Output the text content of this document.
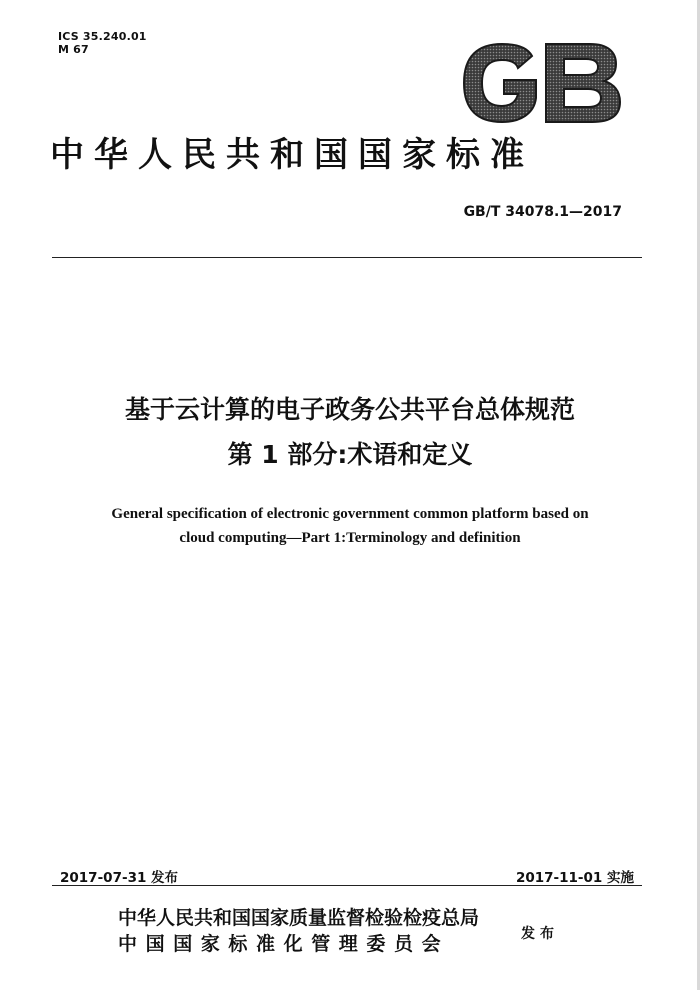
ICS 35.240.01
M 67
中华人民共和国国家标准
GB/T 34078.1—2017
基于云计算的电子政务公共平台总体规范
第 1 部分:术语和定义
General specification of electronic government common platform based on
cloud computing—Part 1:Terminology and definition
2017-07-31 发布	2017-11-01 实施
中华人民共和国国家质量监督检验检疫总局
中国国家标准化管理委员会	发布
